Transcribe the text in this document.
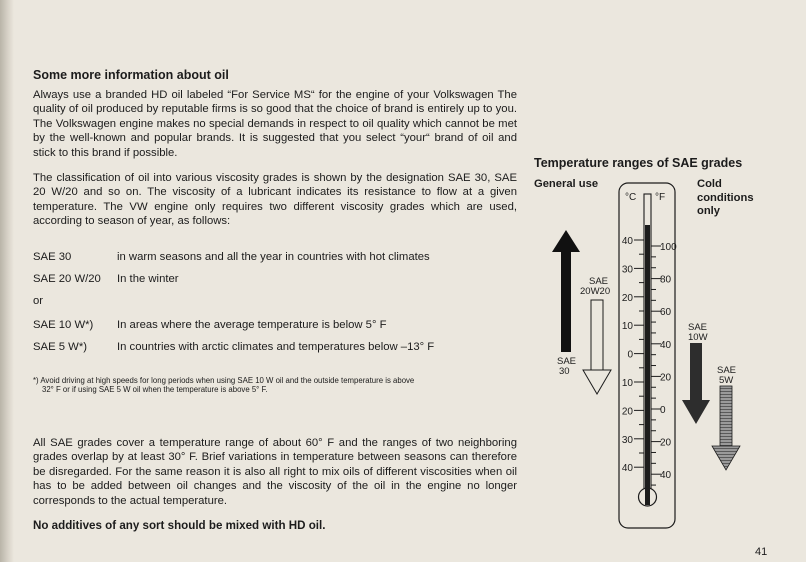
Some more information about oil

Always use a branded HD oil labeled “For Service MS“ for the engine of your Volkswagen The quality of oil produced by reputable firms is so good that the choice of brand is entirely up to you. The Volkswagen engine makes no special demands in respect to oil quality which cannot be met by the well-known and popular brands. It is suggested that you select “your“ brand of oil and stick to this brand if possible.

The classification of oil into various viscosity grades is shown by the designation SAE 30, SAE 20 W/20 and so on. The viscosity of a lubricant indicates its resistance to flow at a given temperature. The VW engine only requires two different viscosity grades which are used, according to season of year, as follows:

SAE 30	in warm seasons and all the year in countries with hot climates
SAE 20 W/20 In the winter
or
SAE 10 W*) In areas where the average temperature is below 5° F
SAE 5 W*)	In countries with arctic climates and temperatures below –13° F
*) Avoid driving at high speeds for long periods when using SAE 10 W oil and the outside temperature is above
32° F or if using SAE 5 W oil when the temperature is above 5° F.

All SAE grades cover a temperature range of about 60° F and the ranges of two neighboring grades overlap by at least 30° F. Brief variations in temperature between seasons can therefore be disregarded. For the same reason it is also all right to mix oils of different viscosities when oil has to be added between oil changes and the viscosity of the oil in the engine no longer corresponds to the actual temperature.

No additives of any sort should be mixed with HD oil.
Temperature ranges of SAE grades
General use	Cold conditions only
°C °F
40
30
20
10
0
10
20
30
40
100
80
60
40
20
0
20
40
SAE
30
SAE
20W20
SAE
10W
SAE
5W
41
